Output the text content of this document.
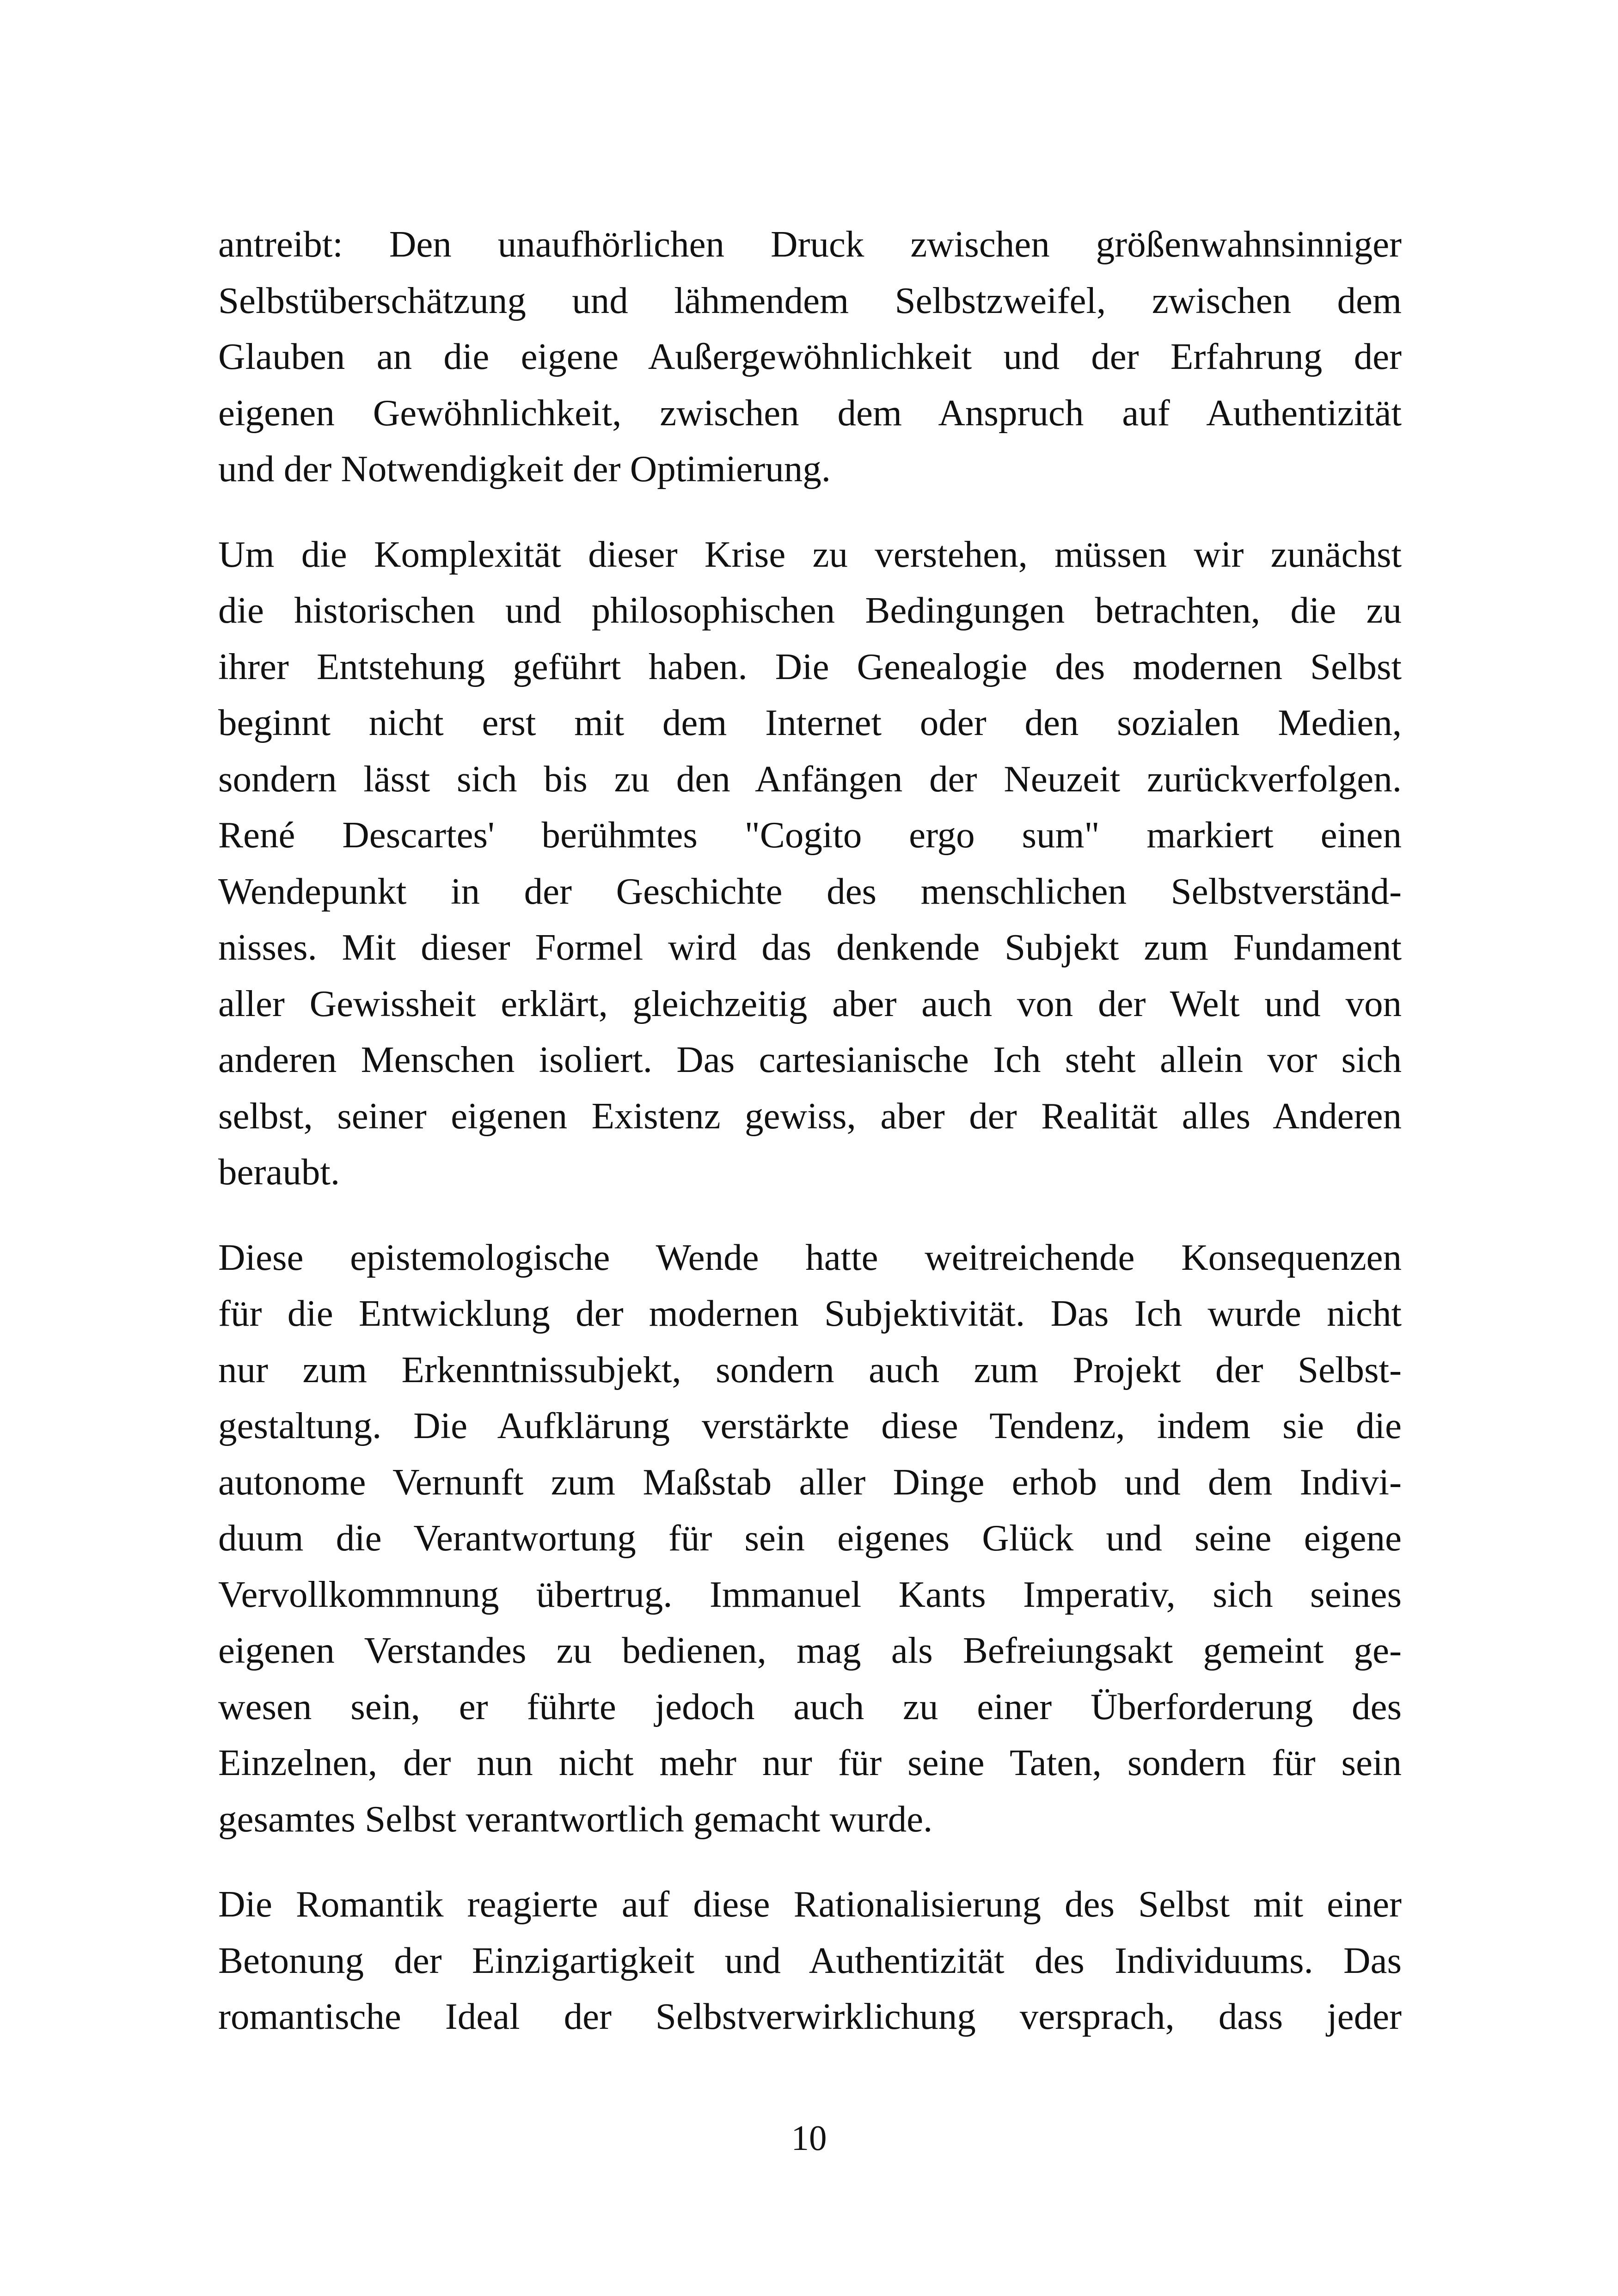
antreibt: Den unaufhörlichen Druck zwischen größenwahnsinniger
Selbstüberschätzung und lähmendem Selbstzweifel, zwischen dem
Glauben an die eigene Außergewöhnlichkeit und der Erfahrung der
eigenen Gewöhnlichkeit, zwischen dem Anspruch auf Authentizität
und der Notwendigkeit der Optimierung.

Um die Komplexität dieser Krise zu verstehen, müssen wir zunächst
die historischen und philosophischen Bedingungen betrachten, die zu
ihrer Entstehung geführt haben. Die Genealogie des modernen Selbst
beginnt nicht erst mit dem Internet oder den sozialen Medien,
sondern lässt sich bis zu den Anfängen der Neuzeit zurückverfolgen.
René Descartes' berühmtes "Cogito ergo sum" markiert einen
Wendepunkt in der Geschichte des menschlichen Selbstverständ-
nisses. Mit dieser Formel wird das denkende Subjekt zum Fundament
aller Gewissheit erklärt, gleichzeitig aber auch von der Welt und von
anderen Menschen isoliert. Das cartesianische Ich steht allein vor sich
selbst, seiner eigenen Existenz gewiss, aber der Realität alles Anderen
beraubt.

Diese epistemologische Wende hatte weitreichende Konsequenzen
für die Entwicklung der modernen Subjektivität. Das Ich wurde nicht
nur zum Erkenntnissubjekt, sondern auch zum Projekt der Selbst-
gestaltung. Die Aufklärung verstärkte diese Tendenz, indem sie die
autonome Vernunft zum Maßstab aller Dinge erhob und dem Indivi-
duum die Verantwortung für sein eigenes Glück und seine eigene
Vervollkommnung übertrug. Immanuel Kants Imperativ, sich seines
eigenen Verstandes zu bedienen, mag als Befreiungsakt gemeint ge-
wesen sein, er führte jedoch auch zu einer Überforderung des
Einzelnen, der nun nicht mehr nur für seine Taten, sondern für sein
gesamtes Selbst verantwortlich gemacht wurde.

Die Romantik reagierte auf diese Rationalisierung des Selbst mit einer
Betonung der Einzigartigkeit und Authentizität des Individuums. Das
romantische Ideal der Selbstverwirklichung versprach, dass jeder

10
